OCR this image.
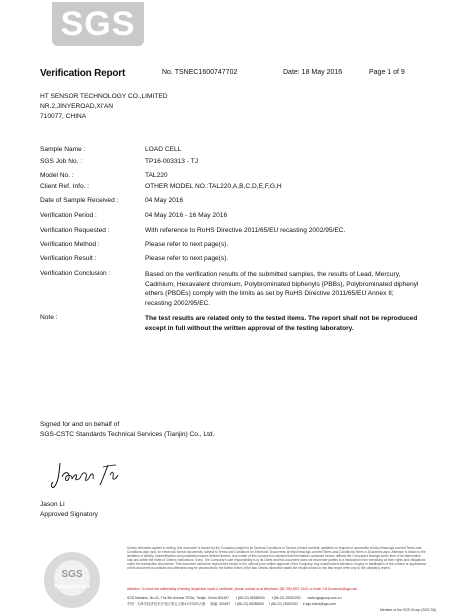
SGS
Verification Report	No. TSNEC1600747702	Date: 18 May 2016	Page 1 of 9
HT SENSOR TECHNOLOGY CO.,LIMITED
NR.2,JINYEROAD,XI'AN
710077, CHINA
Sample Name :	LOAD CELL
SGS Job No. :	TP16-003313 - TJ
Model No. :	TAL220
Client Ref. Info. :	OTHER MODEL NO.:TAL220,A,B,C,D,E,F,G,H
Date of Sample Received :	04 May 2016
Verification Period :	04 May 2016 - 16 May 2016
Verification Requested :	With reference to RoHS Directive 2011/65/EU recasting 2002/95/EC.
Verification Method :	Please refer to next page(s).
Verification Result :	Please refer to next page(s).
Verification Conclusion :	Based on the verification results of the submitted samples, the results of Lead, Mercury, Cadmium, Hexavalent chromium, Polybrominated biphenyls (PBBs), Polybrominated diphenyl ethers (PBDEs) comply with the limits as set by RoHS Directive 2011/65/EU Annex II; recasting 2002/95/EC.
Note :	The test results are related only to the tested items. The report shall not be reproduced except in full without the written approval of the testing laboratory.
Signed for and on behalf of
SGS-CSTC Standards Technical Services (Tianjin) Co., Ltd.
Jason Li
Jason Li
Approved Signatory
SGS
Testing Service
Unless otherwise agreed in writing, this document is issued by the Company subject to its General Conditions of Service printed overleaf, available on request or accessible at http://www.sgs.com/en/Terms-and-Conditions.aspx and, for electronic format documents, subject to Terms and Conditions for Electronic Documents at http://www.sgs.com/en/Terms-and-Conditions/Terms-e-Document.aspx. Attention is drawn to the limitation of liability, indemnification and jurisdiction issues defined therein. Any holder of this document is advised that information contained hereon reflects the Company's findings at the time of its intervention only and within the limits of Client's instructions, if any. The Company's sole responsibility is to its Client and this document does not exonerate parties to a transaction from exercising all their rights and obligations under the transaction documents. This document cannot be reproduced except in full, without prior written approval of the Company. Any unauthorized alteration, forgery or falsification of the content or appearance of this document is unlawful and offenders may be prosecuted to the fullest extent of the law. Unless otherwise stated the results shown in this test report refer only to the sample(s) tested.
Attention: To check the authenticity of testing /inspection report & certificate, please contact us at telephone: (86-755) 8307 1443, or email: CN.Doccheck@sgs.com
SGS Mansion, No.41, The 5th Avenue TEDA, Tianjin, China 300457 t (86-22) 65288000 f (86-22) 25292252 www.sgsgroup.com.cn
中国 · 天津市经济技术开发区第五大街41号SGS大厦 邮编: 300457 t (86-22) 65288000 f (86-22) 25292252 e sgs.china@sgs.com
Member of the SGS Group (SGS SA)
